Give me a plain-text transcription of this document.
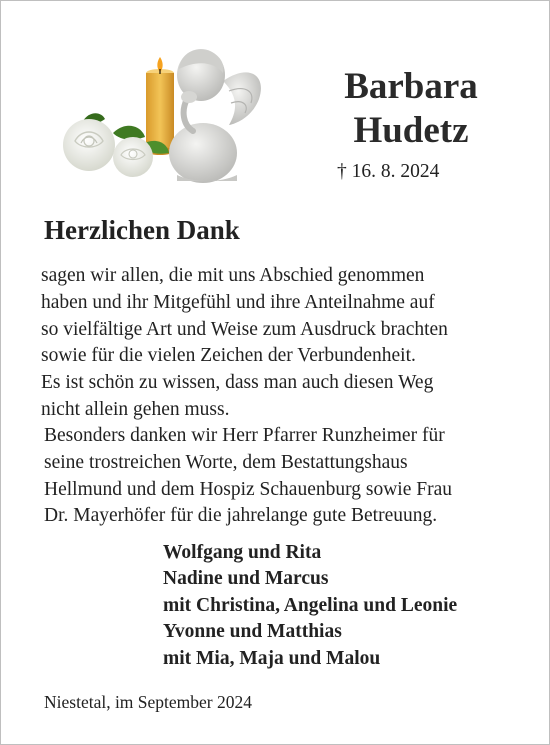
Barbara
Hudetz
† 16. 8. 2024
Herzlichen Dank
sagen wir allen, die mit uns Abschied genommen
haben und ihr Mitgefühl und ihre Anteilnahme auf
so vielfältige Art und Weise zum Ausdruck brachten
sowie für die vielen Zeichen der Verbundenheit.
Es ist schön zu wissen, dass man auch diesen Weg
nicht allein gehen muss.
Besonders danken wir Herr Pfarrer Runzheimer für
seine trostreichen Worte, dem Bestattungshaus
Hellmund und dem Hospiz Schauenburg sowie Frau
Dr. Mayerhöfer für die jahrelange gute Betreuung.
Wolfgang und Rita
Nadine und Marcus
mit Christina, Angelina und Leonie
Yvonne und Matthias
mit Mia, Maja und Malou
Niestetal, im September 2024
